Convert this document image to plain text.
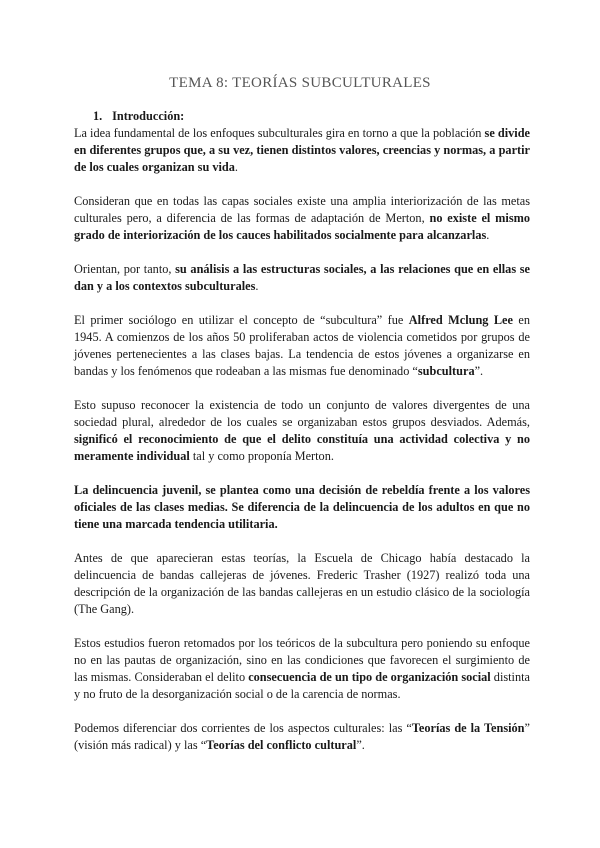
TEMA 8: TEORÍAS SUBCULTURALES
1. Introducción:

La idea fundamental de los enfoques subculturales gira en torno a que la población se divide en diferentes grupos que, a su vez, tienen distintos valores, creencias y normas, a partir de los cuales organizan su vida.

Consideran que en todas las capas sociales existe una amplia interiorización de las metas culturales pero, a diferencia de las formas de adaptación de Merton, no existe el mismo grado de interiorización de los cauces habilitados socialmente para alcanzarlas.

Orientan, por tanto, su análisis a las estructuras sociales, a las relaciones que en ellas se dan y a los contextos subculturales.

El primer sociólogo en utilizar el concepto de “subcultura” fue Alfred Mclung Lee en 1945. A comienzos de los años 50 proliferaban actos de violencia cometidos por grupos de jóvenes pertenecientes a las clases bajas. La tendencia de estos jóvenes a organizarse en bandas y los fenómenos que rodeaban a las mismas fue denominado “subcultura”.

Esto supuso reconocer la existencia de todo un conjunto de valores divergentes de una sociedad plural, alrededor de los cuales se organizaban estos grupos desviados. Además, significó el reconocimiento de que el delito constituía una actividad colectiva y no meramente individual tal y como proponía Merton.

La delincuencia juvenil, se plantea como una decisión de rebeldía frente a los valores oficiales de las clases medias. Se diferencia de la delincuencia de los adultos en que no tiene una marcada tendencia utilitaria.

Antes de que aparecieran estas teorías, la Escuela de Chicago había destacado la delincuencia de bandas callejeras de jóvenes. Frederic Trasher (1927) realizó toda una descripción de la organización de las bandas callejeras en un estudio clásico de la sociología (The Gang).

Estos estudios fueron retomados por los teóricos de la subcultura pero poniendo su enfoque no en las pautas de organización, sino en las condiciones que favorecen el surgimiento de las mismas. Consideraban el delito consecuencia de un tipo de organización social distinta y no fruto de la desorganización social o de la carencia de normas.

Podemos diferenciar dos corrientes de los aspectos culturales: las “Teorías de la Tensión” (visión más radical) y las “Teorías del conflicto cultural”.
